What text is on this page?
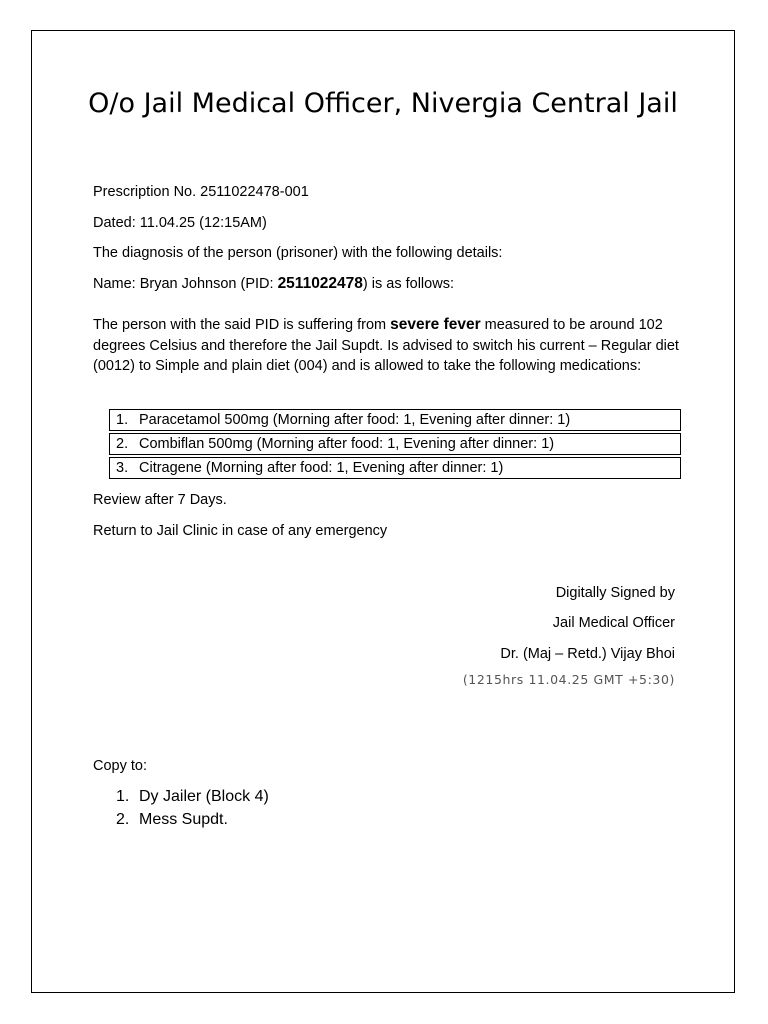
O/o Jail Medical Officer, Nivergia Central Jail
Prescription No. 2511022478-001
Dated: 11.04.25 (12:15AM)
The diagnosis of the person (prisoner) with the following details:
Name: Bryan Johnson (PID: 2511022478) is as follows:
The person with the said PID is suffering from severe fever measured to be around 102 degrees Celsius and therefore the Jail Supdt. Is advised to switch his current – Regular diet (0012) to Simple and plain diet (004) and is allowed to take the following medications:
1. Paracetamol 500mg (Morning after food: 1, Evening after dinner: 1)
2. Combiflan 500mg (Morning after food: 1, Evening after dinner: 1)
3. Citragene (Morning after food: 1, Evening after dinner: 1)
Review after 7 Days.
Return to Jail Clinic in case of any emergency
Digitally Signed by
Jail Medical Officer
Dr. (Maj – Retd.) Vijay Bhoi
(1215hrs 11.04.25 GMT +5:30)
Copy to:
1. Dy Jailer (Block 4)
2. Mess Supdt.
